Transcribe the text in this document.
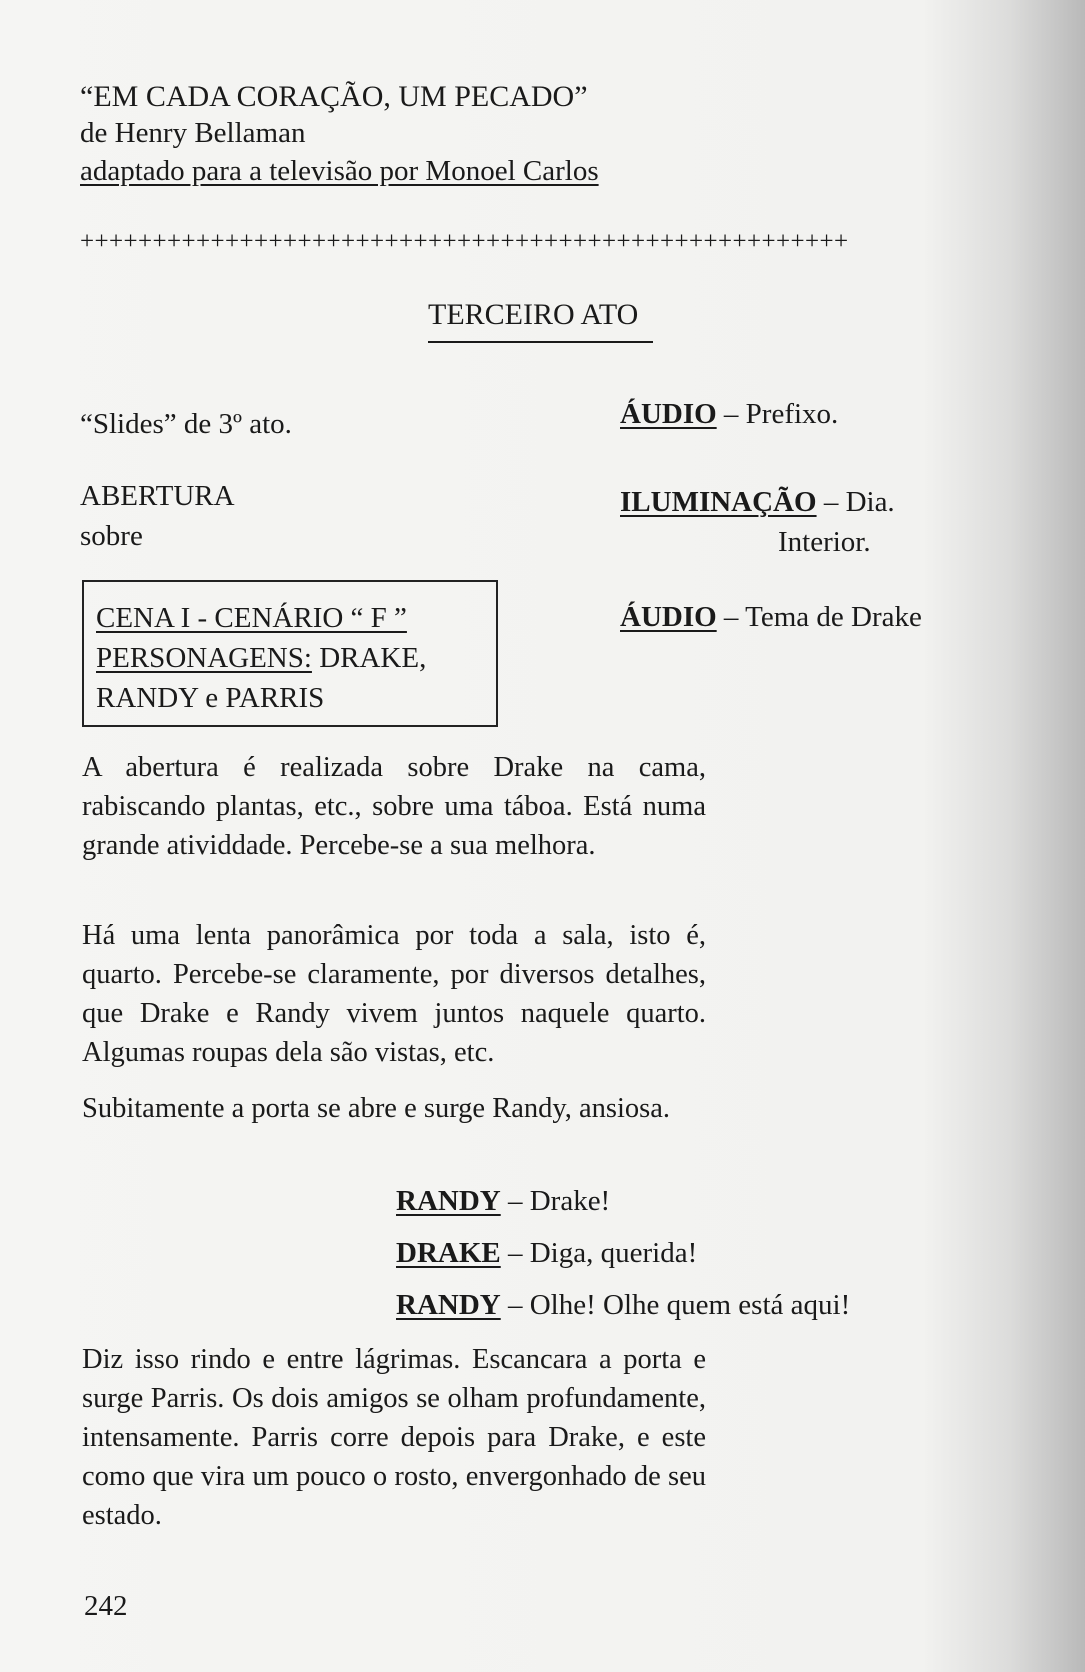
“EM CADA CORAÇÃO, UM PECADO”
de Henry Bellaman
adaptado para a televisão por Monoel Carlos
+++++++++++++++++++++++++++++++++++++++++++++++++++++
TERCEIRO ATO
“Slides” de 3º ato.
ABERTURA
sobre
ÁUDIO – Prefixo.
ILUMINAÇÃO – Dia.
Interior.
ÁUDIO – Tema de Drake
CENA I - CENÁRIO “ F ”
PERSONAGENS: DRAKE,
RANDY e PARRIS
A abertura é realizada sobre Drake na cama, rabiscando plantas, etc., sobre uma táboa. Está numa grande atividdade. Percebe-se a sua melhora.
Há uma lenta panorâmica por toda a sala, isto é, quarto. Percebe-se claramente, por diversos detalhes, que Drake e Randy vivem juntos naquele quarto. Algumas roupas dela são vistas, etc.
Subitamente a porta se abre e surge Randy, ansiosa.
RANDY – Drake!
DRAKE – Diga, querida!
RANDY – Olhe! Olhe quem está aqui!
Diz isso rindo e entre lágrimas. Escancara a porta e surge Parris. Os dois amigos se olham profundamente, intensamente. Parris corre depois para Drake, e este como que vira um pouco o rosto, envergonhado de seu estado.
242
